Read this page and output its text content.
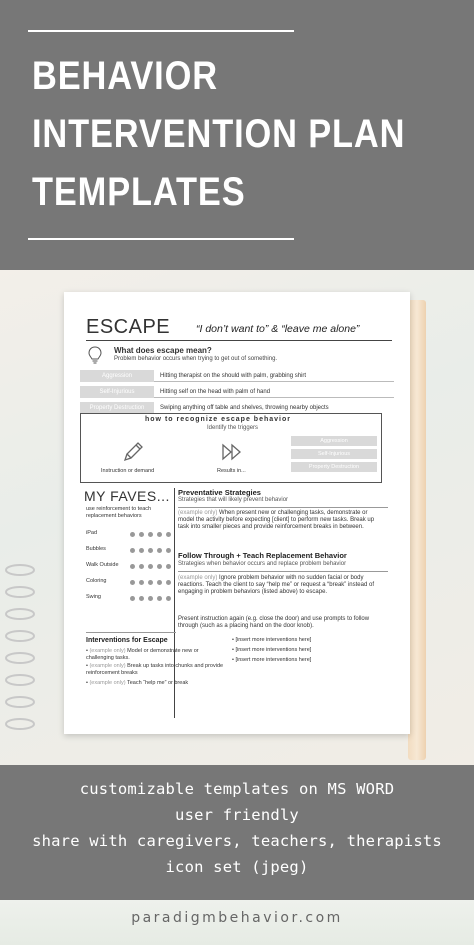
BEHAVIOR
INTERVENTION PLAN
TEMPLATES
ESCAPE “I don’t want to” & “leave me alone”
What does escape mean?
Problem behavior occurs when trying to get out of something.
Aggression	Hitting therapist on the should with palm, grabbing shirt
Self-Injurious	Hitting self on the head with palm of hand
Property Destruction	Swiping anything off table and shelves, throwing nearby objects
how to recognize escape behavior
Identify the triggers
Instruction or demand	Results in...
Aggression
Self-Injurious
Property Destruction
MY FAVES...
use reinforcement to teach replacement behaviors
iPad
Bubbles
Walk Outside
Coloring
Swing
Preventative Strategies
Strategies that will likely prevent behavior
(example only) When present new or challenging tasks, demonstrate or model the activity before expecting [client] to perform new tasks. Break up task into smaller pieces and provide reinforcement breaks in between.
Follow Through + Teach Replacement Behavior
Strategies when behavior occurs and replace problem behavior
(example only) Ignore problem behavior with no sudden facial or body reactions. Teach the client to say “help me” or request a “break” instead of engaging in problem behaviors (listed above) to escape.
Present instruction again (e.g. close the door) and use prompts to follow through (such as a placing hand on the door knob).
Interventions for Escape
• (example only) Model or demonstrate new or challenging tasks.
• (example only) Break up tasks into chunks and provide reinforcement breaks
• (example only) Teach “help me” or break
• [insert more interventions here]
• [insert more interventions here]
• [insert more interventions here]
customizable templates on MS WORD
user friendly
share with caregivers, teachers, therapists
icon set (jpeg)
paradigmbehavior.com
